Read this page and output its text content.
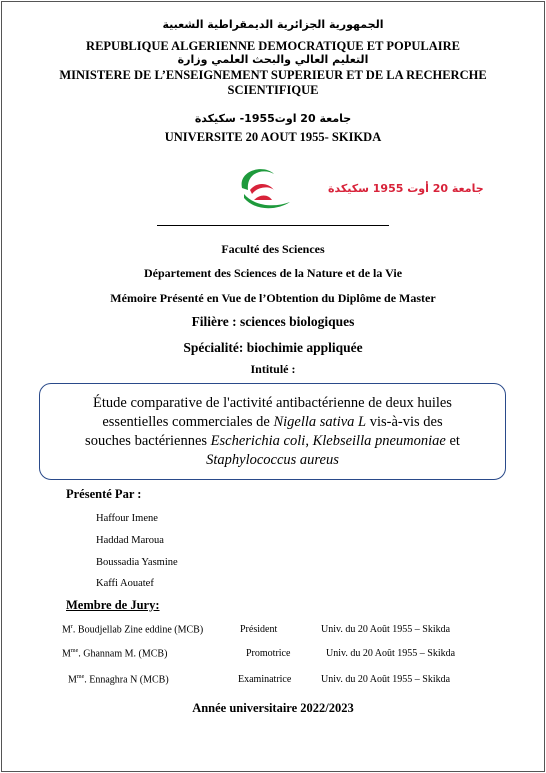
الجمهورية الجزائرية الديمقراطية الشعبية
REPUBLIQUE ALGERIENNE DEMOCRATIQUE ET POPULAIRE
التعليم العالي والبحث العلمي وزارة
MINISTERE DE L’ENSEIGNEMENT SUPERIEUR ET DE LA RECHERCHE
SCIENTIFIQUE
جامعة 20 اوت1955- سكيكدة
UNIVERSITE 20 AOUT 1955- SKIKDA
جامعة 20 أوت 1955 سكيكدة
Faculté des Sciences
Département des Sciences de la Nature et de la Vie
Mémoire Présenté en Vue de l’Obtention du Diplôme de Master
Filière : sciences biologiques
Spécialité: biochimie appliquée
Intitulé :
Étude comparative de l'activité antibactérienne de deux huiles
essentielles commerciales de Nigella sativa L vis-à-vis des
souches bactériennes Escherichia coli, Klebseilla pneumoniae et
Staphylococcus aureus
Présenté Par :
Haffour Imene
Haddad Maroua
Boussadia Yasmine
Kaffi Aouatef
Membre de Jury:
$M^r$. Boudjellab Zine eddine (MCB)	Président	Univ. du 20 Août 1955 – Skikda
$M^{me}$. Ghannam M. (MCB)	Promotrice	Univ. du 20 Août 1955 – Skikda
$M^{me}$. Ennaghra N (MCB)	Examinatrice	Univ. du 20 Août 1955 – Skikda
Année universitaire 2022/2023
